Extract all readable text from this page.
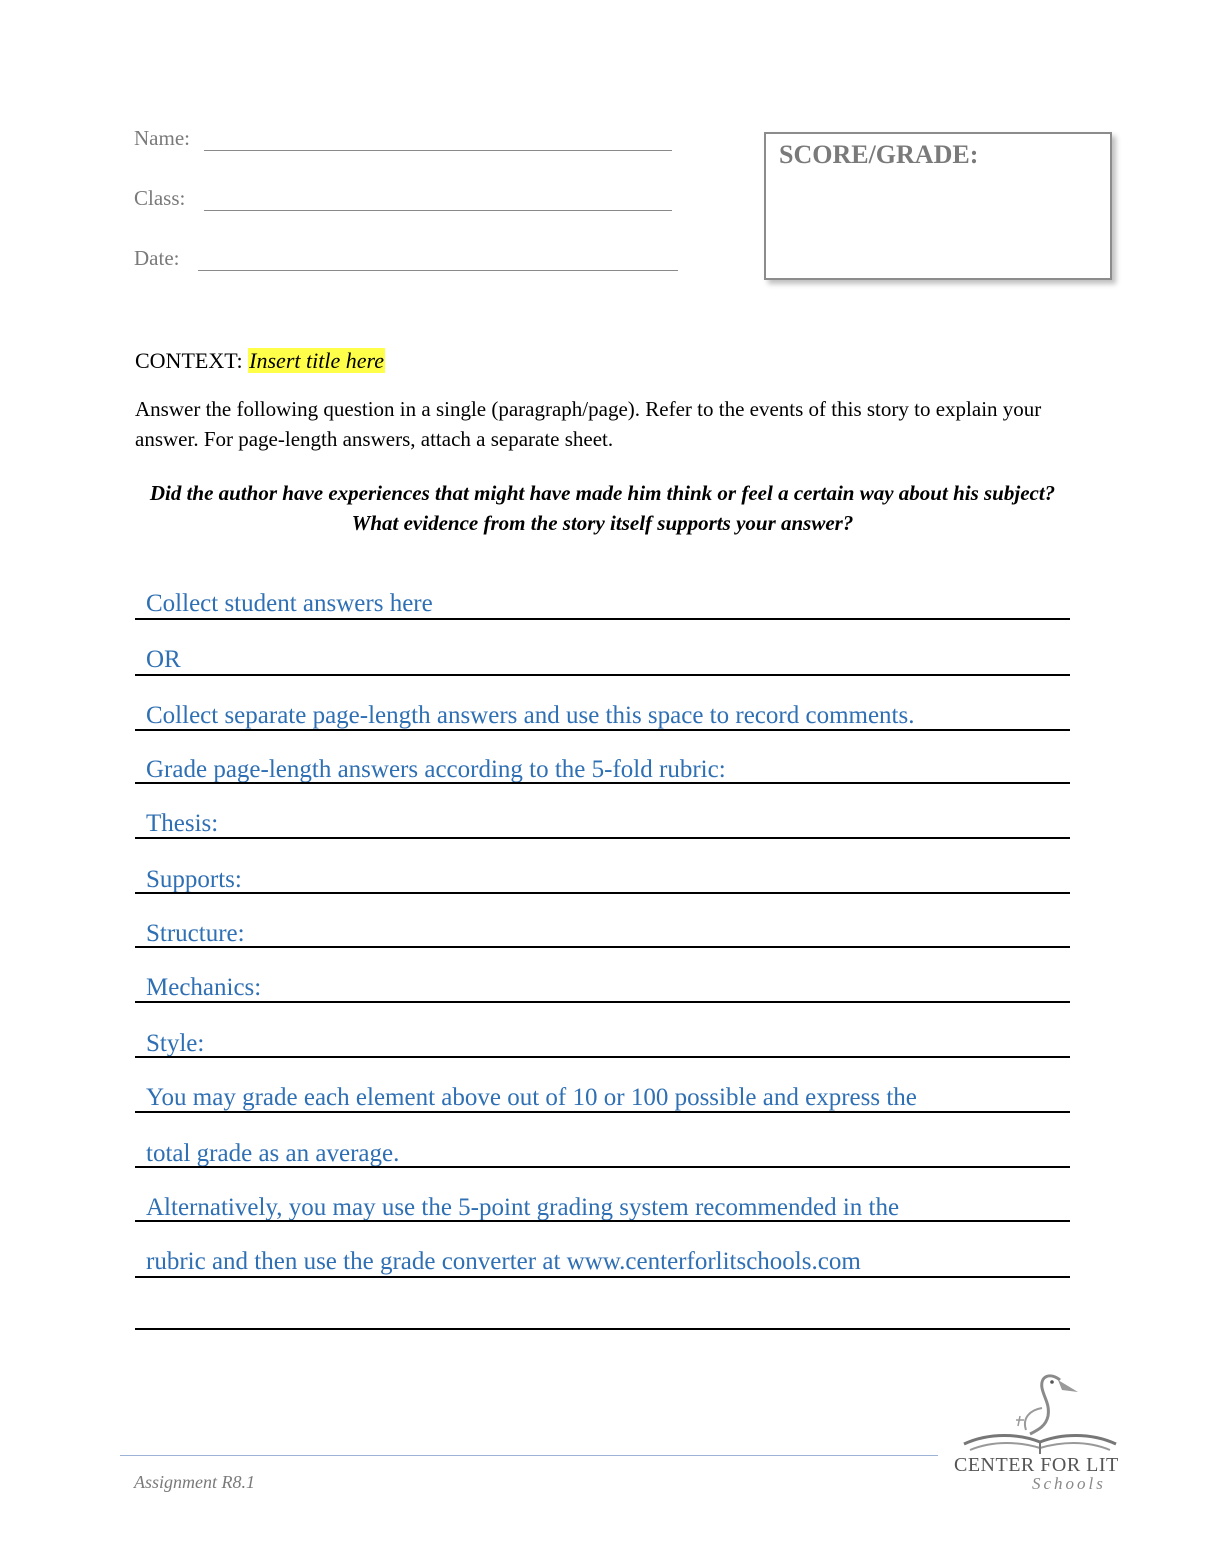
Name:
Class:
Date:
SCORE/GRADE:
CONTEXT: Insert title here
Answer the following question in a single (paragraph/page). Refer to the events of this story to explain your answer. For page-length answers, attach a separate sheet.
Did the author have experiences that might have made him think or feel a certain way about his subject? What evidence from the story itself supports your answer?
Collect student answers here
OR
Collect separate page-length answers and use this space to record comments.
Grade page-length answers according to the 5-fold rubric:
Thesis:
Supports:
Structure:
Mechanics:
Style:
You may grade each element above out of 10 or 100 possible and express the
total grade as an average.
Alternatively, you may use the 5-point grading system recommended in the
rubric and then use the grade converter at www.centerforlitschools.com
Assignment R8.1
CENTER FOR LIT
Schools
